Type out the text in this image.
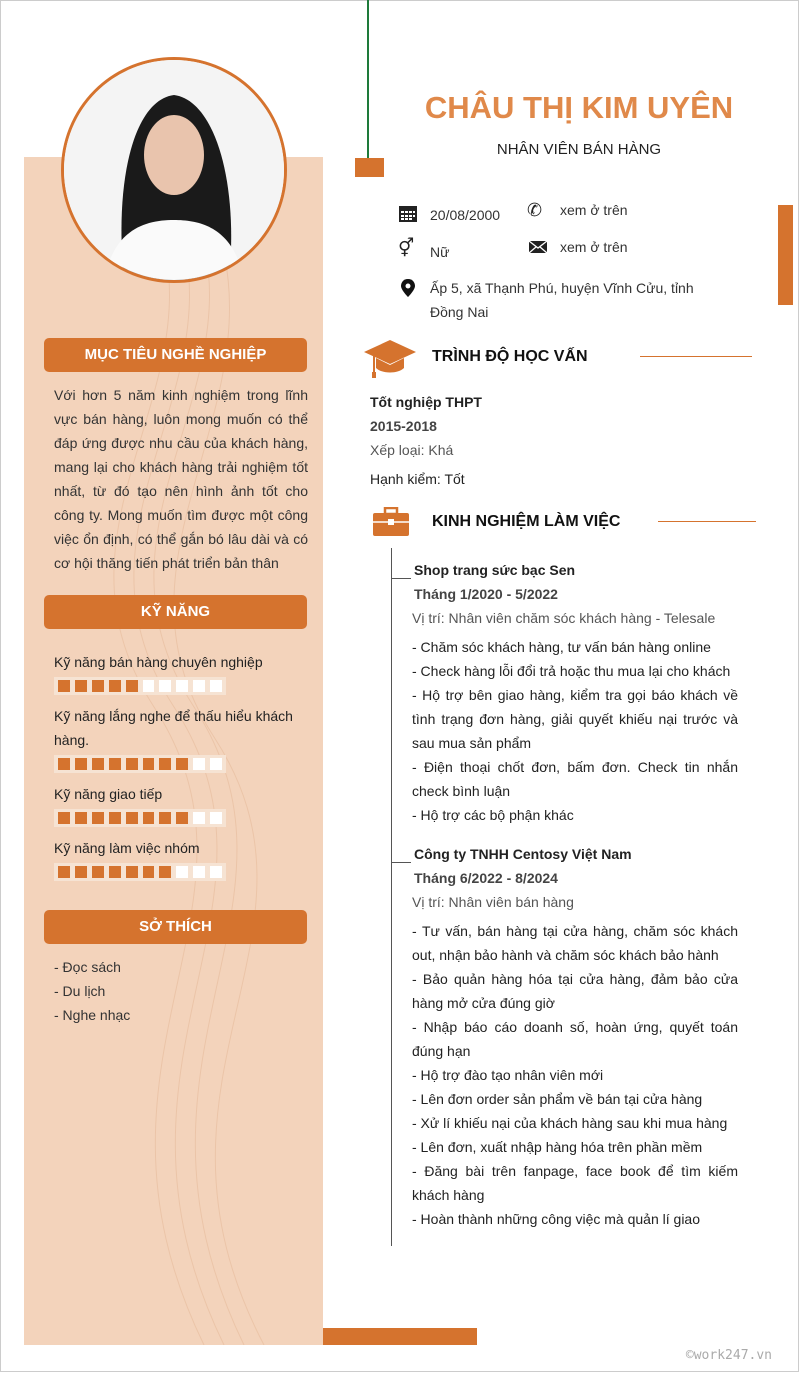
CHÂU THỊ KIM UYÊN
NHÂN VIÊN BÁN HÀNG
20/08/2000
⚥ Nữ
✆	xem ở trên
xem ở trên
Ấp 5, xã Thạnh Phú, huyện Vĩnh Cửu, tỉnh Đồng Nai
MỤC TIÊU NGHỀ NGHIỆP
Với hơn 5 năm kinh nghiệm trong lĩnh vực bán hàng, luôn mong muốn có thể đáp ứng được nhu cầu của khách hàng, mang lại cho khách hàng trải nghiệm tốt nhất, từ đó tạo nên hình ảnh tốt cho công ty. Mong muốn tìm được một công việc ổn định, có thể gắn bó lâu dài và có cơ hội thăng tiến phát triển bản thân
KỸ NĂNG
Kỹ năng bán hàng chuyên nghiệp
Kỹ năng lắng nghe để thấu hiểu khách hàng.
Kỹ năng giao tiếp
Kỹ năng làm việc nhóm
SỞ THÍCH
- Đọc sách
- Du lịch
- Nghe nhạc
TRÌNH ĐỘ HỌC VẤN
Tốt nghiệp THPT
2015-2018
Xếp loại: Khá
Hạnh kiểm: Tốt
KINH NGHIỆM LÀM VIỆC
Shop trang sức bạc Sen
Tháng 1/2020 - 5/2022
Vị trí: Nhân viên chăm sóc khách hàng - Telesale
- Chăm sóc khách hàng, tư vấn bán hàng online
- Check hàng lỗi đổi trả hoặc thu mua lại cho khách
- Hộ trợ bên giao hàng, kiểm tra gọi báo khách về tình trạng đơn hàng, giải quyết khiếu nại trước và sau mua sản phẩm
- Điện thoại chốt đơn, bấm đơn. Check tin nhắn check bình luận
- Hộ trợ các bộ phận khác
Công ty TNHH Centosy Việt Nam
Tháng 6/2022 - 8/2024
Vị trí: Nhân viên bán hàng
- Tư vấn, bán hàng tại cửa hàng, chăm sóc khách out, nhận bảo hành và chăm sóc khách bảo hành
- Bảo quản hàng hóa tại cửa hàng, đảm bảo cửa hàng mở cửa đúng giờ
- Nhập báo cáo doanh số, hoàn ứng, quyết toán đúng hạn
- Hộ trợ đào tạo nhân viên mới
- Lên đơn order sản phẩm về bán tại cửa hàng
- Xử lí khiếu nại của khách hàng sau khi mua hàng
- Lên đơn, xuất nhập hàng hóa trên phần mềm
- Đăng bài trên fanpage, face book để tìm kiếm khách hàng
- Hoàn thành những công việc mà quản lí giao
©work247.vn
